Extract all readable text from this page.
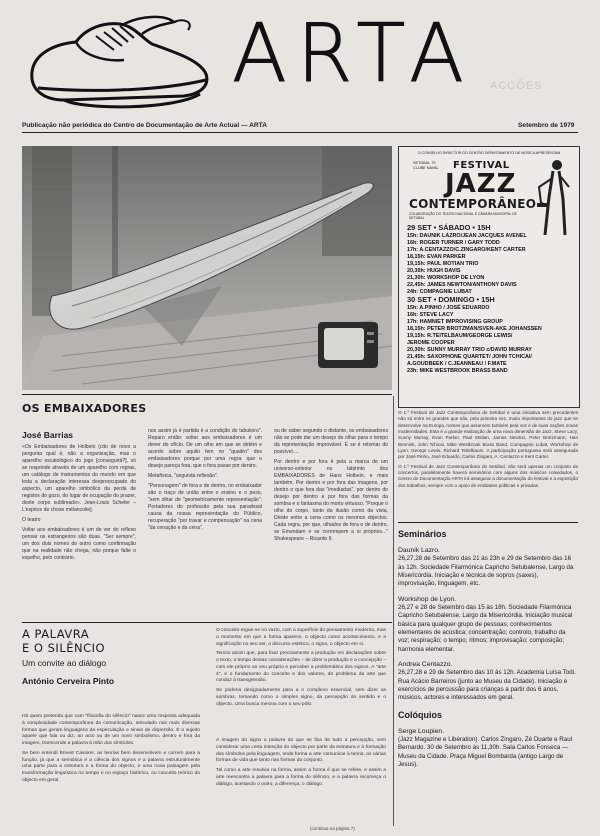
ARTA ACÇÕES
Publicação não periódica do Centro de Documentação de Arte Actual — ARTA	Setembro de 1979
O CONSELHO DIRECTOR DO CENTRO DEPARTAMENTO DE MÚSICA APRESENTAM
SETÚBAL 79 CLUBE NAVAL	FESTIVAL
JAZZ
CONTEMPORÂNEO
COLABORAÇÃO DO TEATRO NACIONAL E CÂMARA MUNICIPAL DE SETÚBAL
29 SET • SÁBADO • 15H
15h: DAUNIK LAZRO/JEAN JACQUES AVENEL
16h: ROGER TURNER / GARY TODD
17h: A.CENTAZZO/C.ZINGARO/KENT CARTER
18,15h: EVAN PARKER
19,15h: PAUL MOTIAN TRIO
20,30h: HUGH DAVIS
21,30h: WORKSHOP DE LYON
22,45h: JAMES NEWTON/ANTHONY DAVIS
24h: COMPAGNIE LUBAT
30 SET • DOMINGO • 15H
15h: A.PINHO / JOSÉ EDUARDO
16h: STEVE LACY
17h: HAMNIET IMPROVISING GROUP
18,15h: PETER BROTZMAN/SVEN-AKE JOHANSSEN
19,15h: R.TEITELBAUM/GEORGE LEWIS/
JEROME COOPER
20,30h: SUNNY MURRAY TRIO c/DAVID MURRAY
21,45h: SAXOPHONE QUARTET/ JOHN TCHICAI/
A.GOUDBEEK / C.JEANNEAU / F.MATE
23h: MIKE WESTBROOK BRASS BAND

O 1.º Festival de Jazz Contemporâneo de Setúbal é uma iniciativa sem precedentes não só entre os grandes que são, pela primeira vez, muito importantes do jazz que se desenvolve na Europa, nomes que assumem também pela voz e de suas nações novas modernidades. Esta é a grande realização de uma nova dimensão de Jazz, Steve Lacy, Sunny Murray, Evan Parker, Paul Motian, James Newton, Peter Brotzmann, Han Bennink, John Tchicai, Mike Westbrook Brass Band, Compagnie Lubat, Workshop de Lyon, George Lewis, Richard Teitelbaum. A participação portuguesa será assegurada por José Pinho, José Eduardo, Carlos Zingaro, A. Centazzo e Kent Carter.

O 1.º Festival de Jazz Contemporâneo de Setúbal, não será apenas um conjunto de concertos, paralelamente haverá seminários com alguns dos músicos convidados, o Centro de Documentação ARTA irá assegurar a documentação do festival e a exposição dos trabalhos, sempre com o apoio de entidades públicas e privadas.

Seminários
Daunik Lazro.

26,27,28 de Setembro das 21 às 23h e 29 de Setembro das 16 às 12h. Sociedade Filarmónica Capricho Setubalense, Largo da Misericórdia. Iniciação e técnica de sopros (saxes), improvisação, linguagem, etc.

Workshop de Lyon.

26,27 e 28 de Setembro das 15 às 18h. Sociedade Filarmónica Capricho Setubalense. Largo da Misericórdia. Iniciação musical básica para qualquer grupo de pessoas; conhecimentos elementares de acústica; concentração; controlo, trabalho da voz; respiração; o tempo; ritmos; improvisação; composição; harmonia elementar.

Andrea Centazzo.

26,27,28 e 29 de Setembro das 10 às 12h. Academia Luísa Todi. Rua Acácio Barreiros (junto ao Museu da Cidade). Iniciação e exercícios de percussão para crianças a partir dos 6 anos, músicos, actores e interessados em geral.

Colóquios
Serge Loupien.

(Jazz Magazine e Libération). Carlos Zingaro, Zé Duarte e Raul Bernardo. 30 de Setembro às 11,30h. Sala Carlos Fonseca — Museu da Cidade. Praça Miguel Bombarda (antigo Largo de Jesus).

OS EMBAIXADORES
José Barrias

«Os Embaixadores de Holbein (cito de novo a pergunta qual é, não a organização, mas o aparelho escatológico do jogo [conseguirá?], só se responde através de um aparelho com regras, um catálogo de instrumentos do mundo em que toda a declaração interessa despreocupado do aspecto, um aparelho simbólico da perda de registos do gozo, do lugar de ocupação do prazer, deste corpo sublimado». Jean-Louis Schefer – L'espèce de chose mélancolie].

O teatro

Voltar aos embaixadores é um de ver do reflexo pensar os estrangeiros são duas. "Ser sempre", um dos dois nomes do outro como confirmação que na realidade não chega, não porque falte o espelho, pelo contrário.

nos assim já é partida é a condição do tabuleiro". Reparo então: voltar aos embaixadores é um dever do ofício. De um olho em que se detém e acordo sobre aquilo tem no "quadro" dos embaixadores porque por uma regra: que o desejo pareça fora, que o fora passe por dentro.

Metafísica, "segunda reflexão".

"Personagem" de fora e de dentro, no embaixador são o traço de união entre o ensino e o peso, "sem olhar de "geometricamente representação". Portadores do professão pela sua paradoxal causa da nossa representação do Público, recuperação "por travar e compensação" na cena "da cenação e da cena".

ou de saber segundo o distante, os embaixadores não se pode dar um desejo de olhar para o tempo da representação improvável. E se é retomar do possível....

Por dentro e por fora é pela a marca de um universo-exterior no labirinto dos EMBAIXADORES de Hans Holbein, e mais também. Por dentro e por fora das imagens, por dentro o que fora das "imediadas", por dentro do desejo por dentro e por fora das formas da sombra e o fantasma do morto virtuoso. "Porque o olho do corpo, tanto da ilusão como da vista, Divide entre a cena como os mesmos objectos. Cada regra, por que, olhados de fora e de dentro, se Emendam e se corrompem a si próprios..." Shakespeare – Ricardo II.

A PALAVRA
E O SILÊNCIO
Um convite ao diálogo
António Cerveira Pinto

Há quem pretenda que com "filosofia do silêncio" nasce uma resposta adequada à complexidade contemporânea da comunicação, articulado nas mais diversas formas que geram linguagens da especulação e sinais de dispersão. É o sujeito aquele que fala ou diz, ao acto ou de um novo simbolismo, dentro e fora da imagem, transcende a palavra à mão dos símbolos.

Se bem entendi Ernest Cassirer, as teorias bem desenvolvem e correm para a função, já que a semiótica é a ciência dos signos e a palavra estruturalmente uma parte para a estrutura e a forma do objecto, e uma nova paisagem pela transformação linguística no tempo e no espaço histórico, ou conceito teórico do objecto em geral.

O conceito ergue-se no vazio, com a superfície do pensamento moderno, mas o momento em que a forma aparece, o objecto como acontecimento, e a significação no seu ser, o discurso estético, o signo, o objecto em si.

Temos assim que, para fixar precisamente a produção em declarações sobre o texto, o tempo destas considerações – de dizer a produção e a concepção – com ele próprio ao seu próprio e perceber a problemática dos signos. A "arte 4", é o fundamento do conceito e dos valores, do problema da arte que conduz à transgressão.

Se poderia designadamente para a o complexo essencial, sem dizer as sombras, tomando como o simples signo, da percepção do sentido e o objecto. Uma busca mesma com o seu pólo.

A imagem do signo a palavra do que se fixa de tudo a percepção, sem considerar uma certa intenção do objecto por parte da estrutura e à formação dos símbolos pela linguagem, onde forma a arte comunicar à teoria, as várias formas de vida que tanto nas formas do conjunto.

Tal como a arte resolvia na forma, assim a forma é que se refere, e assim a arte reencontra a palavra para a forma do silêncio, e a palavra recomeça o diálogo, aceitando o outro, a diferença, o diálogo.

(continua na página 7)
